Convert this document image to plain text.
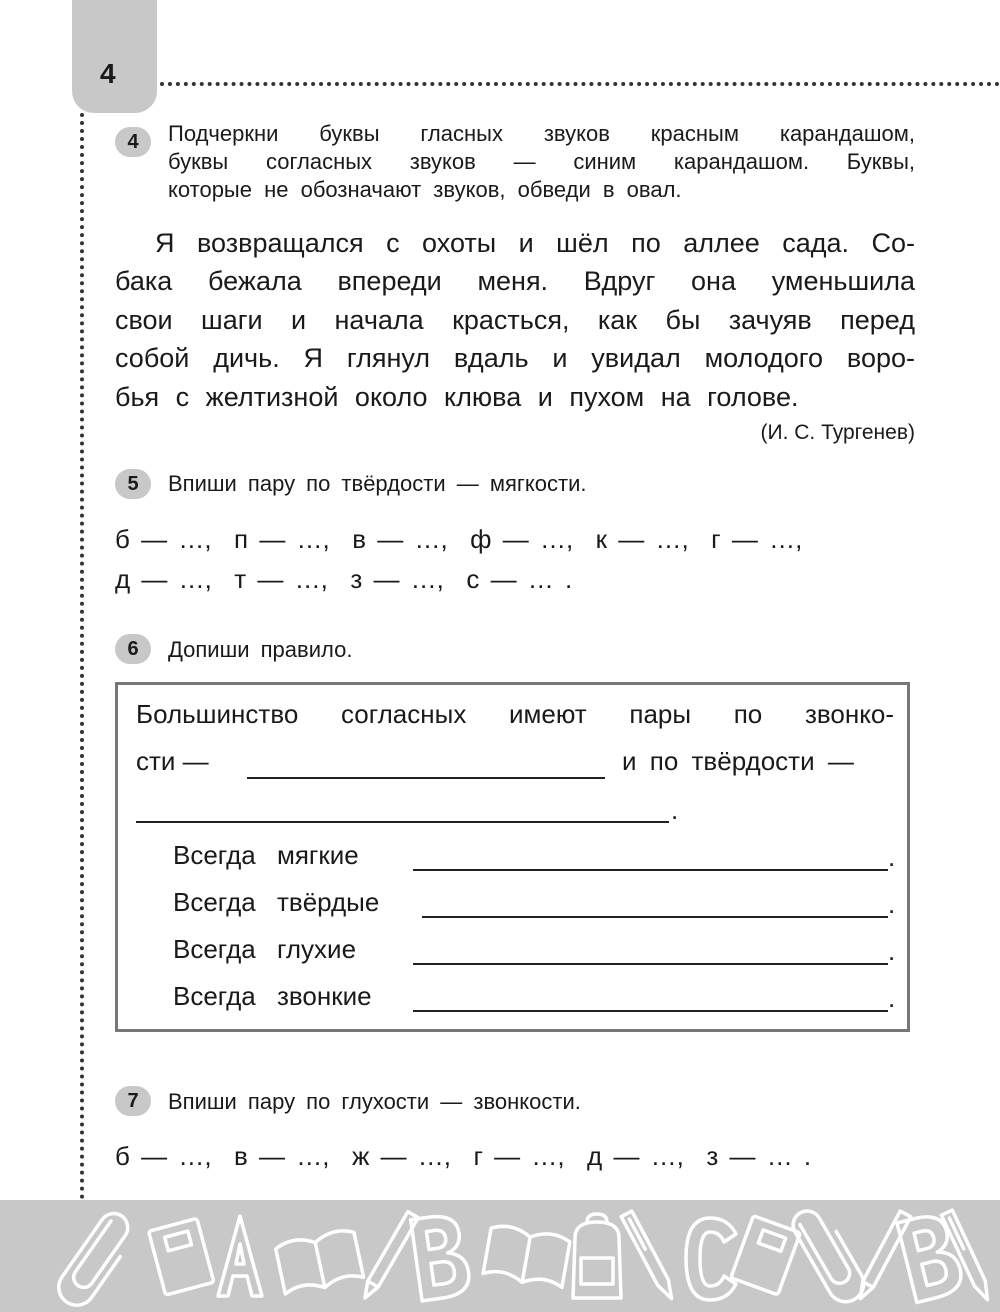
4
4	Подчеркни буквы гласных звуков красным карандашом,
буквы согласных звуков — синим карандашом. Буквы,
которые не обозначают звуков, обведи в овал.
Я возвращался с охоты и шёл по аллее сада. Со-
бака бежала впереди меня. Вдруг она уменьшила
свои шаги и начала красться, как бы зачуяв перед
собой дичь. Я глянул вдаль и увидал молодого воро-
бья с желтизной около клюва и пухом на голове.
(И. С. Тургенев)
5	Впиши пару по твёрдости — мягкости.
б — …,  п — …,  в — …,  ф — …,  к — …,  г — …,
д — …,  т — …,  з — …,  с — … .
6	Допиши правило.
Большинство согласных имеют пары по звонко-
сти —	и по твёрдости —
.
Всегда мягкие	.
Всегда твёрдые	.
Всегда глухие	.
Всегда звонкие	.
7	Впиши пару по глухости — звонкости.
б — …,  в — …,  ж — …,  г — …,  д — …,  з — … .
